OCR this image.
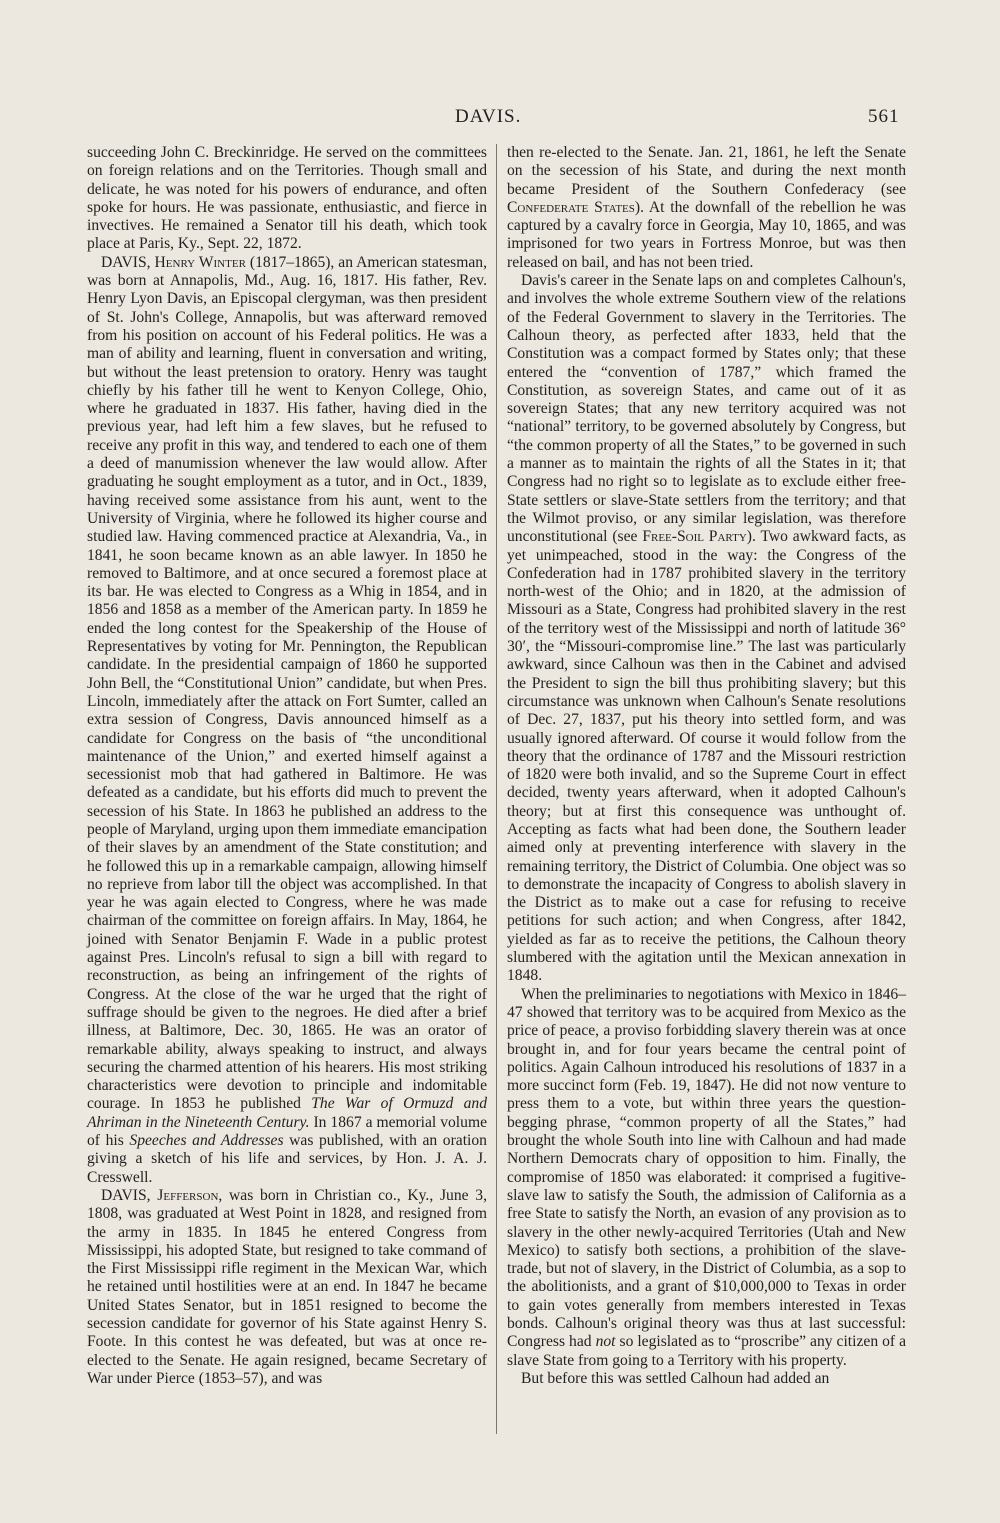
DAVIS.	561

succeeding John C. Breckinridge. He served on the committees on foreign relations and on the Territories. Though small and delicate, he was noted for his powers of endurance, and often spoke for hours. He was passionate, enthusiastic, and fierce in invectives. He remained a Senator till his death, which took place at Paris, Ky., Sept. 22, 1872.

DAVIS, Henry Winter (1817–1865), an American statesman, was born at Annapolis, Md., Aug. 16, 1817. His father, Rev. Henry Lyon Davis, an Episcopal clergyman, was then president of St. John's College, Annapolis, but was afterward removed from his position on account of his Federal politics. He was a man of ability and learning, fluent in conversation and writing, but without the least pretension to oratory. Henry was taught chiefly by his father till he went to Kenyon College, Ohio, where he graduated in 1837. His father, having died in the previous year, had left him a few slaves, but he refused to receive any profit in this way, and tendered to each one of them a deed of manumission whenever the law would allow. After graduating he sought employment as a tutor, and in Oct., 1839, having received some assistance from his aunt, went to the University of Virginia, where he followed its higher course and studied law. Having commenced practice at Alexandria, Va., in 1841, he soon became known as an able lawyer. In 1850 he removed to Baltimore, and at once secured a foremost place at its bar. He was elected to Congress as a Whig in 1854, and in 1856 and 1858 as a member of the American party. In 1859 he ended the long contest for the Speakership of the House of Representatives by voting for Mr. Pennington, the Republican candidate. In the presidential campaign of 1860 he supported John Bell, the “Constitutional Union” candidate, but when Pres. Lincoln, immediately after the attack on Fort Sumter, called an extra session of Congress, Davis announced himself as a candidate for Congress on the basis of “the unconditional maintenance of the Union,” and exerted himself against a secessionist mob that had gathered in Baltimore. He was defeated as a candidate, but his efforts did much to prevent the secession of his State. In 1863 he published an address to the people of Maryland, urging upon them immediate emancipation of their slaves by an amendment of the State constitution; and he followed this up in a remarkable campaign, allowing himself no reprieve from labor till the object was accomplished. In that year he was again elected to Congress, where he was made chairman of the committee on foreign affairs. In May, 1864, he joined with Senator Benjamin F. Wade in a public protest against Pres. Lincoln's refusal to sign a bill with regard to reconstruction, as being an infringement of the rights of Congress. At the close of the war he urged that the right of suffrage should be given to the negroes. He died after a brief illness, at Baltimore, Dec. 30, 1865. He was an orator of remarkable ability, always speaking to instruct, and always securing the charmed attention of his hearers. His most striking characteristics were devotion to principle and indomitable courage. In 1853 he published The War of Ormuzd and Ahriman in the Nineteenth Century. In 1867 a memorial volume of his Speeches and Addresses was published, with an oration giving a sketch of his life and services, by Hon. J. A. J. Cresswell.

DAVIS, Jefferson, was born in Christian co., Ky., June 3, 1808, was graduated at West Point in 1828, and resigned from the army in 1835. In 1845 he entered Congress from Mississippi, his adopted State, but resigned to take command of the First Mississippi rifle regiment in the Mexican War, which he retained until hostilities were at an end. In 1847 he became United States Senator, but in 1851 resigned to become the secession candidate for governor of his State against Henry S. Foote. In this contest he was defeated, but was at once re-elected to the Senate. He again resigned, became Secretary of War under Pierce (1853–57), and was

then re-elected to the Senate. Jan. 21, 1861, he left the Senate on the secession of his State, and during the next month became President of the Southern Confederacy (see Confederate States). At the downfall of the rebellion he was captured by a cavalry force in Georgia, May 10, 1865, and was imprisoned for two years in Fortress Monroe, but was then released on bail, and has not been tried.

Davis's career in the Senate laps on and completes Calhoun's, and involves the whole extreme Southern view of the relations of the Federal Government to slavery in the Territories. The Calhoun theory, as perfected after 1833, held that the Constitution was a compact formed by States only; that these entered the “convention of 1787,” which framed the Constitution, as sovereign States, and came out of it as sovereign States; that any new territory acquired was not “national” territory, to be governed absolutely by Congress, but “the common property of all the States,” to be governed in such a manner as to maintain the rights of all the States in it; that Congress had no right so to legislate as to exclude either free-State settlers or slave-State settlers from the territory; and that the Wilmot proviso, or any similar legislation, was therefore unconstitutional (see Free-Soil Party). Two awkward facts, as yet unimpeached, stood in the way: the Congress of the Confederation had in 1787 prohibited slavery in the territory north-west of the Ohio; and in 1820, at the admission of Missouri as a State, Congress had prohibited slavery in the rest of the territory west of the Mississippi and north of latitude 36° 30′, the “Missouri-compromise line.” The last was particularly awkward, since Calhoun was then in the Cabinet and advised the President to sign the bill thus prohibiting slavery; but this circumstance was unknown when Calhoun's Senate resolutions of Dec. 27, 1837, put his theory into settled form, and was usually ignored afterward. Of course it would follow from the theory that the ordinance of 1787 and the Missouri restriction of 1820 were both invalid, and so the Supreme Court in effect decided, twenty years afterward, when it adopted Calhoun's theory; but at first this consequence was unthought of. Accepting as facts what had been done, the Southern leader aimed only at preventing interference with slavery in the remaining territory, the District of Columbia. One object was so to demonstrate the incapacity of Congress to abolish slavery in the District as to make out a case for refusing to receive petitions for such action; and when Congress, after 1842, yielded as far as to receive the petitions, the Calhoun theory slumbered with the agitation until the Mexican annexation in 1848.

When the preliminaries to negotiations with Mexico in 1846–47 showed that territory was to be acquired from Mexico as the price of peace, a proviso forbidding slavery therein was at once brought in, and for four years became the central point of politics. Again Calhoun introduced his resolutions of 1837 in a more succinct form (Feb. 19, 1847). He did not now venture to press them to a vote, but within three years the question-begging phrase, “common property of all the States,” had brought the whole South into line with Calhoun and had made Northern Democrats chary of opposition to him. Finally, the compromise of 1850 was elaborated: it comprised a fugitive-slave law to satisfy the South, the admission of California as a free State to satisfy the North, an evasion of any provision as to slavery in the other newly-acquired Territories (Utah and New Mexico) to satisfy both sections, a prohibition of the slave-trade, but not of slavery, in the District of Columbia, as a sop to the abolitionists, and a grant of $10,000,000 to Texas in order to gain votes generally from members interested in Texas bonds. Calhoun's original theory was thus at last successful: Congress had not so legislated as to “proscribe” any citizen of a slave State from going to a Territory with his property.

But before this was settled Calhoun had added an
